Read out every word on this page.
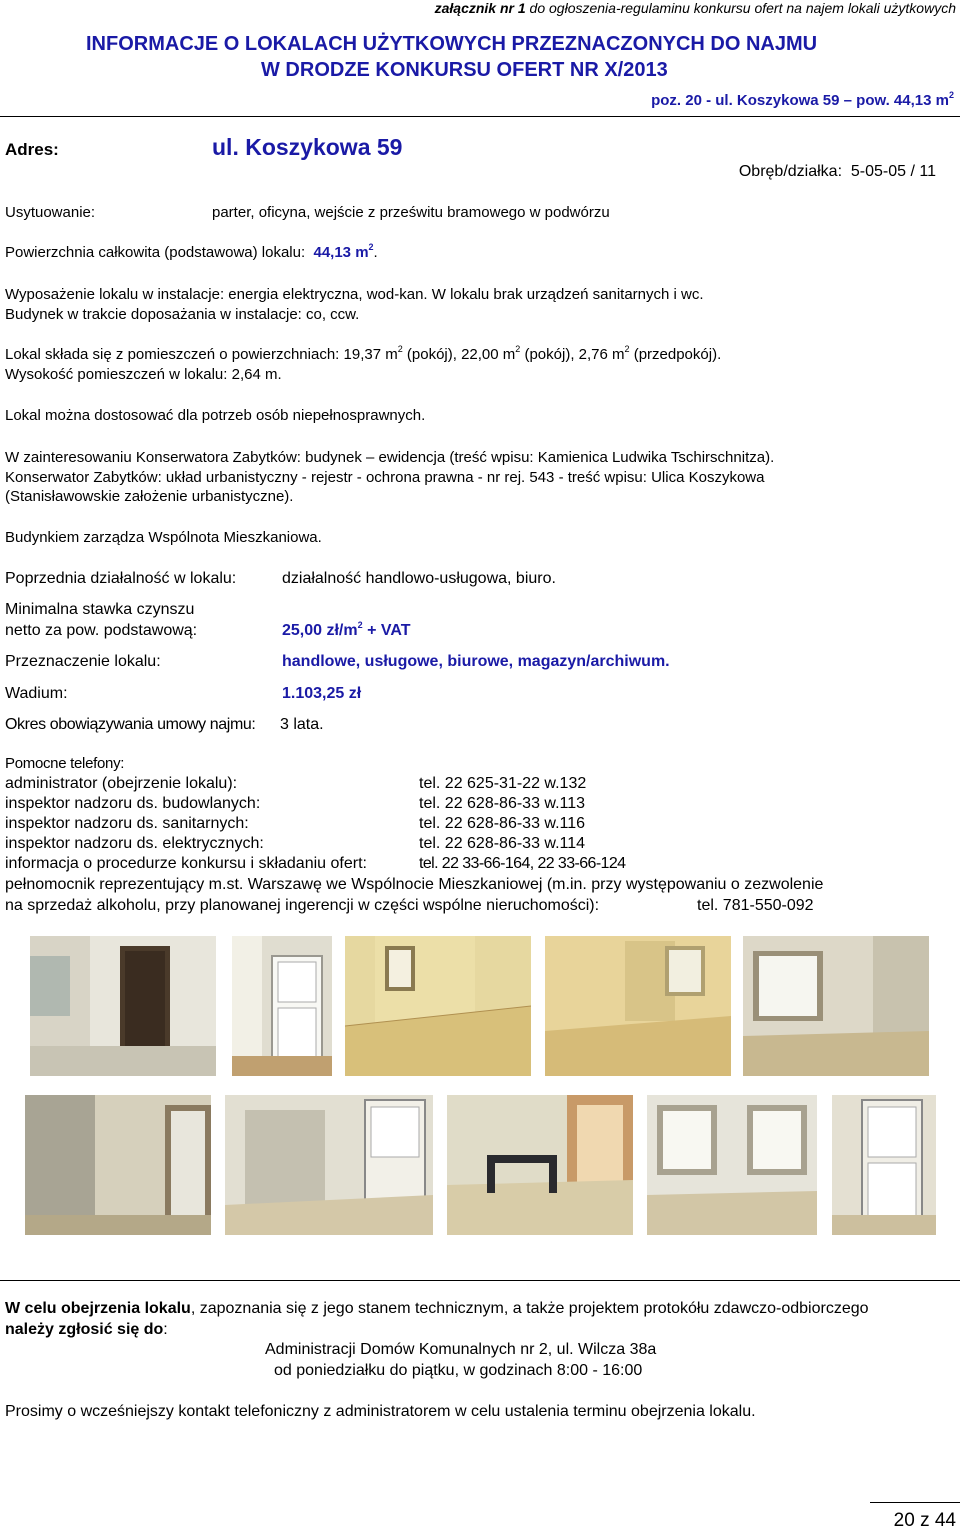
załącznik nr 1 do ogłoszenia-regulaminu konkursu ofert na najem lokali użytkowych
INFORMACJE O LOKALACH UŻYTKOWYCH PRZEZNACZONYCH DO NAJMU
W DRODZE KONKURSU OFERT NR X/2013
poz. 20 - ul. Koszykowa 59 – pow. 44,13 $m^2$
Adres:	ul. Koszykowa 59
Obręb/działka: 5-05-05 / 11
Usytuowanie:	parter, oficyna, wejście z prześwitu bramowego w podwórzu
Powierzchnia całkowita (podstawowa) lokalu: 44,13 $m^2$.
Wyposażenie lokalu w instalacje: energia elektryczna, wod-kan. W lokalu brak urządzeń sanitarnych i wc.
Budynek w trakcie doposażania w instalacje: co, ccw.
Lokal składa się z pomieszczeń o powierzchniach: 19,37 $m^2$ (pokój), 22,00 $m^2$ (pokój), 2,76 $m^2$ (przedpokój).
Wysokość pomieszczeń w lokalu: 2,64 m.
Lokal można dostosować dla potrzeb osób niepełnosprawnych.
W zainteresowaniu Konserwatora Zabytków: budynek – ewidencja (treść wpisu: Kamienica Ludwika Tschirschnitza).
Konserwator Zabytków: układ urbanistyczny - rejestr - ochrona prawna - nr rej. 543 - treść wpisu: Ulica Koszykowa
(Stanisławowskie założenie urbanistyczne).
Budynkiem zarządza Wspólnota Mieszkaniowa.
Poprzednia działalność w lokalu:	działalność handlowo-usługowa, biuro.
Minimalna stawka czynszu
netto za pow. podstawową:	25,00 $zł/m^2$ + VAT
Przeznaczenie lokalu:	handlowe, usługowe, biurowe, magazyn/archiwum.
Wadium:	1.103,25 zł
Okres obowiązywania umowy najmu: 3 lata.
Pomocne telefony:
administrator (obejrzenie lokalu):	tel. 22 625-31-22 w.132
inspektor nadzoru ds. budowlanych:	tel. 22 628-86-33 w.113
inspektor nadzoru ds. sanitarnych:	tel. 22 628-86-33 w.116
inspektor nadzoru ds. elektrycznych:	tel. 22 628-86-33 w.114
informacja o procedurze konkursu i składaniu ofert:	tel. 22 33-66-164, 22 33-66-124
pełnomocnik reprezentujący m.st. Warszawę we Wspólnocie Mieszkaniowej (m.in. przy występowaniu o zezwolenie
na sprzedaż alkoholu, przy planowanej ingerencji w części wspólne nieruchomości):	tel. 781-550-092
W celu obejrzenia lokalu, zapoznania się z jego stanem technicznym, a także projektem protokółu zdawczo-odbiorczego
należy zgłosić się do:
Administracji Domów Komunalnych nr 2, ul. Wilcza 38a
od poniedziałku do piątku, w godzinach 8:00 - 16:00
Prosimy o wcześniejszy kontakt telefoniczny z administratorem w celu ustalenia terminu obejrzenia lokalu.
20 z 44
